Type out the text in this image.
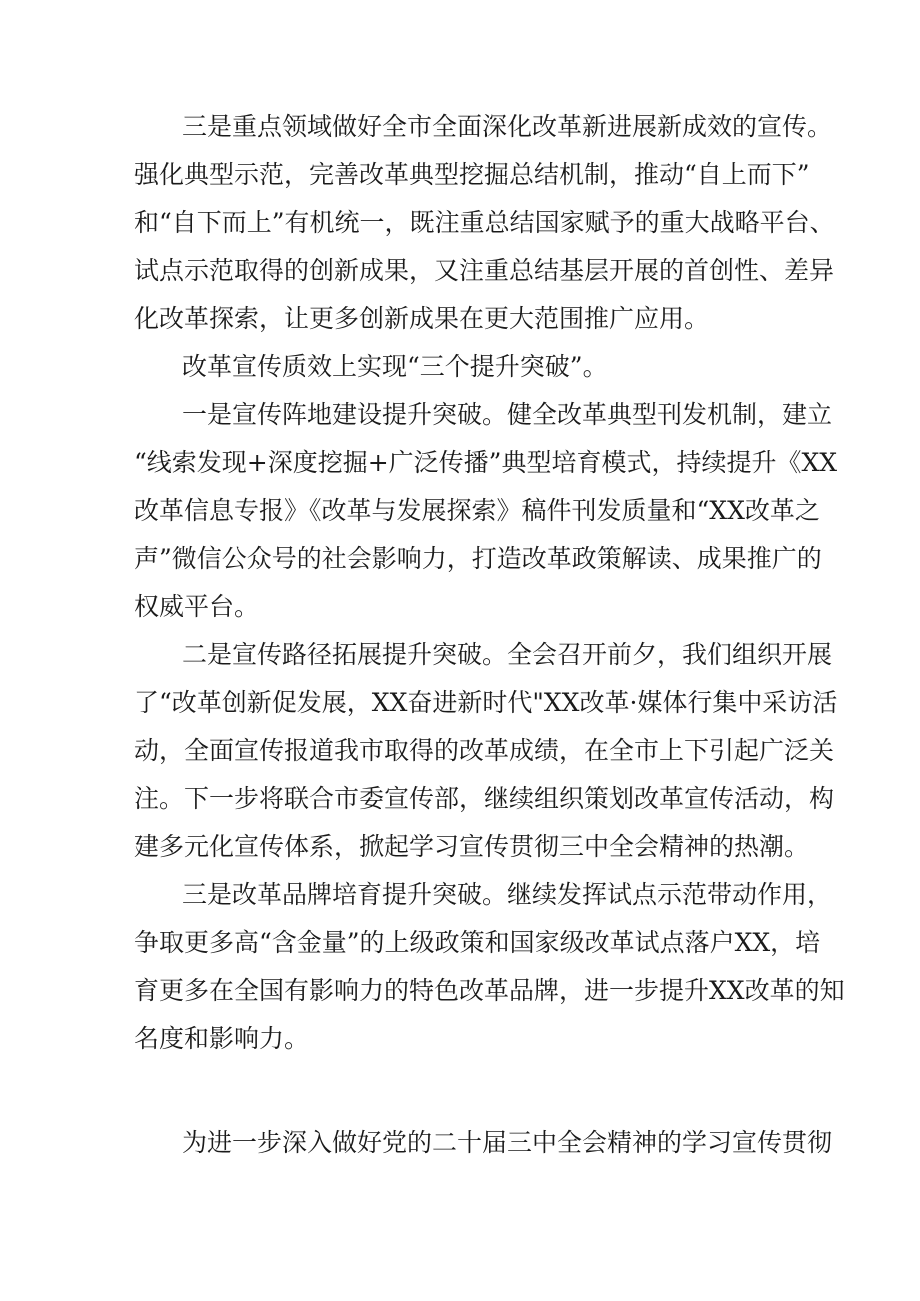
三是重点领域做好全市全面深化改革新进展新成效的宣传。
强化典型示范，完善改革典型挖掘总结机制，推动“自上而下”
和“自下而上”有机统一，既注重总结国家赋予的重大战略平台、
试点示范取得的创新成果，又注重总结基层开展的首创性、差异
化改革探索，让更多创新成果在更大范围推广应用。
改革宣传质效上实现“三个提升突破”。
一是宣传阵地建设提升突破。健全改革典型刊发机制，建立
“线索发现+深度挖掘+广泛传播”典型培育模式，持续提升《XX
改革信息专报》《改革与发展探索》稿件刊发质量和“XX改革之
声”微信公众号的社会影响力，打造改革政策解读、成果推广的
权威平台。
二是宣传路径拓展提升突破。全会召开前夕，我们组织开展
了“改革创新促发展，XX奋进新时代"XX改革·媒体行集中采访活
动，全面宣传报道我市取得的改革成绩，在全市上下引起广泛关
注。下一步将联合市委宣传部，继续组织策划改革宣传活动，构
建多元化宣传体系，掀起学习宣传贯彻三中全会精神的热潮。
三是改革品牌培育提升突破。继续发挥试点示范带动作用，
争取更多高“含金量”的上级政策和国家级改革试点落户XX，培
育更多在全国有影响力的特色改革品牌，进一步提升XX改革的知
名度和影响力。
为进一步深入做好党的二十届三中全会精神的学习宣传贯彻
